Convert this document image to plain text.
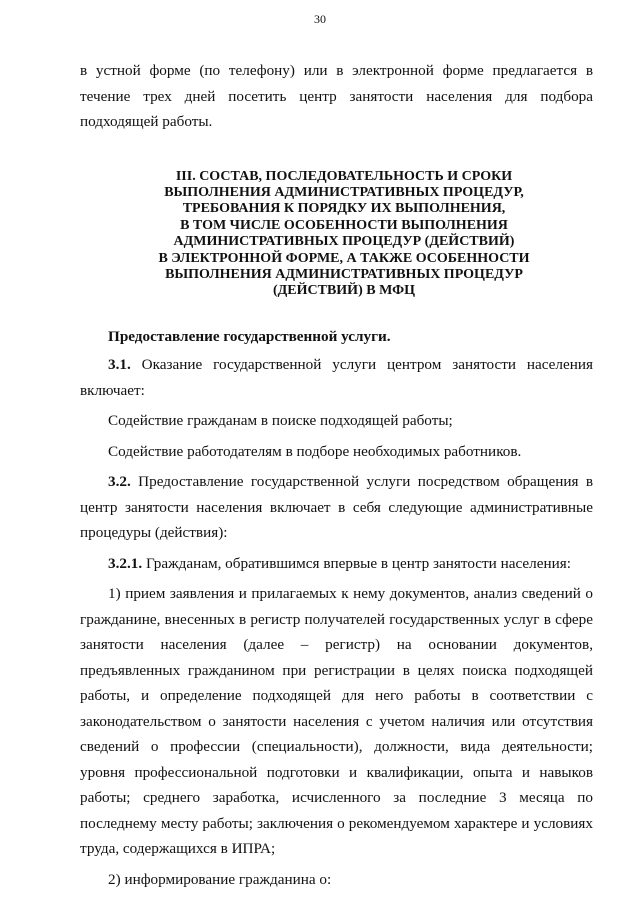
30

в устной форме (по телефону) или в электронной форме предлагается в течение трех дней посетить центр занятости населения для подбора подходящей работы.

III. СОСТАВ, ПОСЛЕДОВАТЕЛЬНОСТЬ И СРОКИ
ВЫПОЛНЕНИЯ АДМИНИСТРАТИВНЫХ ПРОЦЕДУР,
ТРЕБОВАНИЯ К ПОРЯДКУ ИХ ВЫПОЛНЕНИЯ,
В ТОМ ЧИСЛЕ ОСОБЕННОСТИ ВЫПОЛНЕНИЯ
АДМИНИСТРАТИВНЫХ ПРОЦЕДУР (ДЕЙСТВИЙ)
В ЭЛЕКТРОННОЙ ФОРМЕ, А ТАКЖЕ ОСОБЕННОСТИ
ВЫПОЛНЕНИЯ АДМИНИСТРАТИВНЫХ ПРОЦЕДУР
(ДЕЙСТВИЙ) В МФЦ

Предоставление государственной услуги.

3.1. Оказание государственной услуги центром занятости населения включает:

Содействие гражданам в поиске подходящей работы;

Содействие работодателям в подборе необходимых работников.

3.2. Предоставление государственной услуги посредством обращения в центр занятости населения включает в себя следующие административные процедуры (действия):

3.2.1. Гражданам, обратившимся впервые в центр занятости населения:

1) прием заявления и прилагаемых к нему документов, анализ сведений о гражданине, внесенных в регистр получателей государственных услуг в сфере занятости населения (далее – регистр) на основании документов, предъявленных гражданином при регистрации в целях поиска подходящей работы, и определение подходящей для него работы в соответствии с законодательством о занятости населения с учетом наличия или отсутствия сведений о профессии (специальности), должности, вида деятельности; уровня профессиональной подготовки и квалификации, опыта и навыков работы; среднего заработка, исчисленного за последние 3 месяца по последнему месту работы; заключения о рекомендуемом характере и условиях труда, содержащихся в ИПРА;

2) информирование гражданина о:
